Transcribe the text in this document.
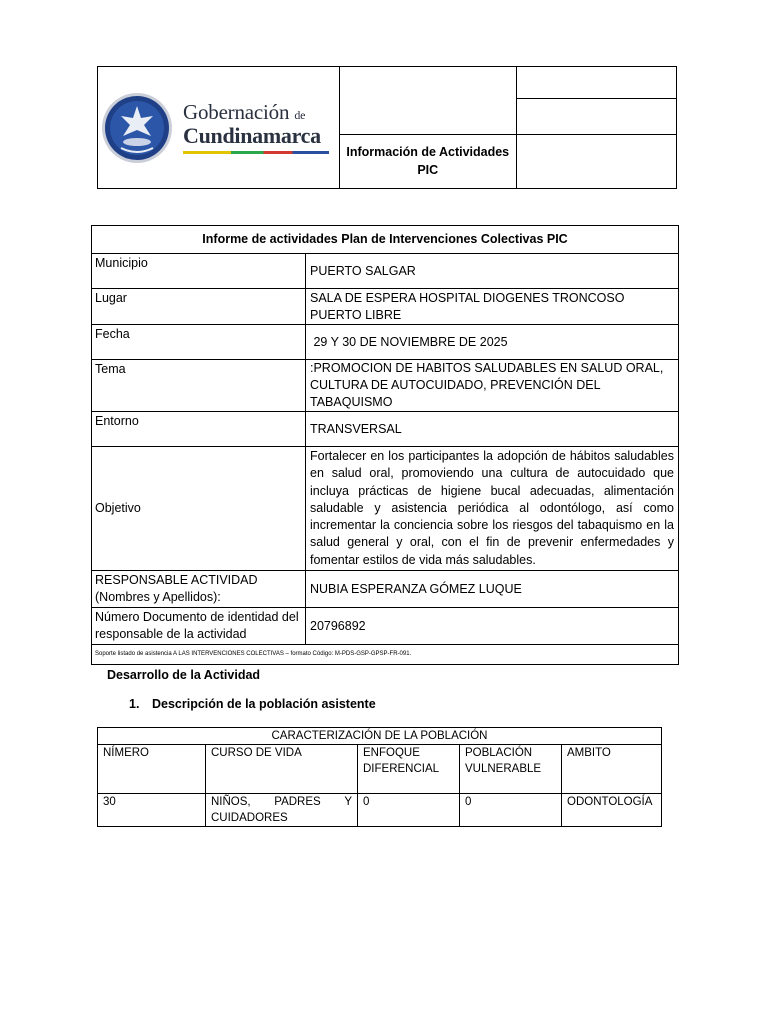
Gobernación de
Cundinamarca		

	Información de Actividades
PIC	

Informe de actividades Plan de Intervenciones Colectivas PIC	
Municipio	PUERTO SALGAR
Lugar	SALA DE ESPERA HOSPITAL DIOGENES TRONCOSO
PUERTO LIBRE

Fecha	29 Y 30 DE NOVIEMBRE DE 2025
Tema	:PROMOCION DE HABITOS SALUDABLES EN SALUD ORAL,
CULTURA DE AUTOCUIDADO, PREVENCIÓN DEL TABAQUISMO

Entorno	TRANSVERSAL
Objetivo	Fortalecer en los participantes la adopción de hábitos saludables en salud oral, promoviendo una cultura de autocuidado que incluya prácticas de higiene bucal adecuadas, alimentación saludable y asistencia periódica al odontólogo, así como incrementar la conciencia sobre los riesgos del tabaquismo en la salud general y oral, con el fin de prevenir enfermedades y fomentar estilos de vida más saludables.
RESPONSABLE ACTIVIDAD (Nombres y Apellidos):	NUBIA ESPERANZA GÓMEZ LUQUE
Número Documento de identidad del responsable de la actividad	20796892
Soporte listado de asistencia A LAS INTERVENCIONES COLECTIVAS – formato Código: M-PDS-GSP-GPSP-FR-091.	
Desarrollo de la Actividad
1. Descripción de la población asistente
CARACTERIZACIÓN DE LA POBLACIÓN				
NÍMERO	CURSO DE VIDA	ENFOQUE DIFERENCIAL	POBLACIÓN VULNERABLE	AMBITO
30	NIÑOS, PADRES Y
CUIDADORES	0	0	ODONTOLOGÍA
